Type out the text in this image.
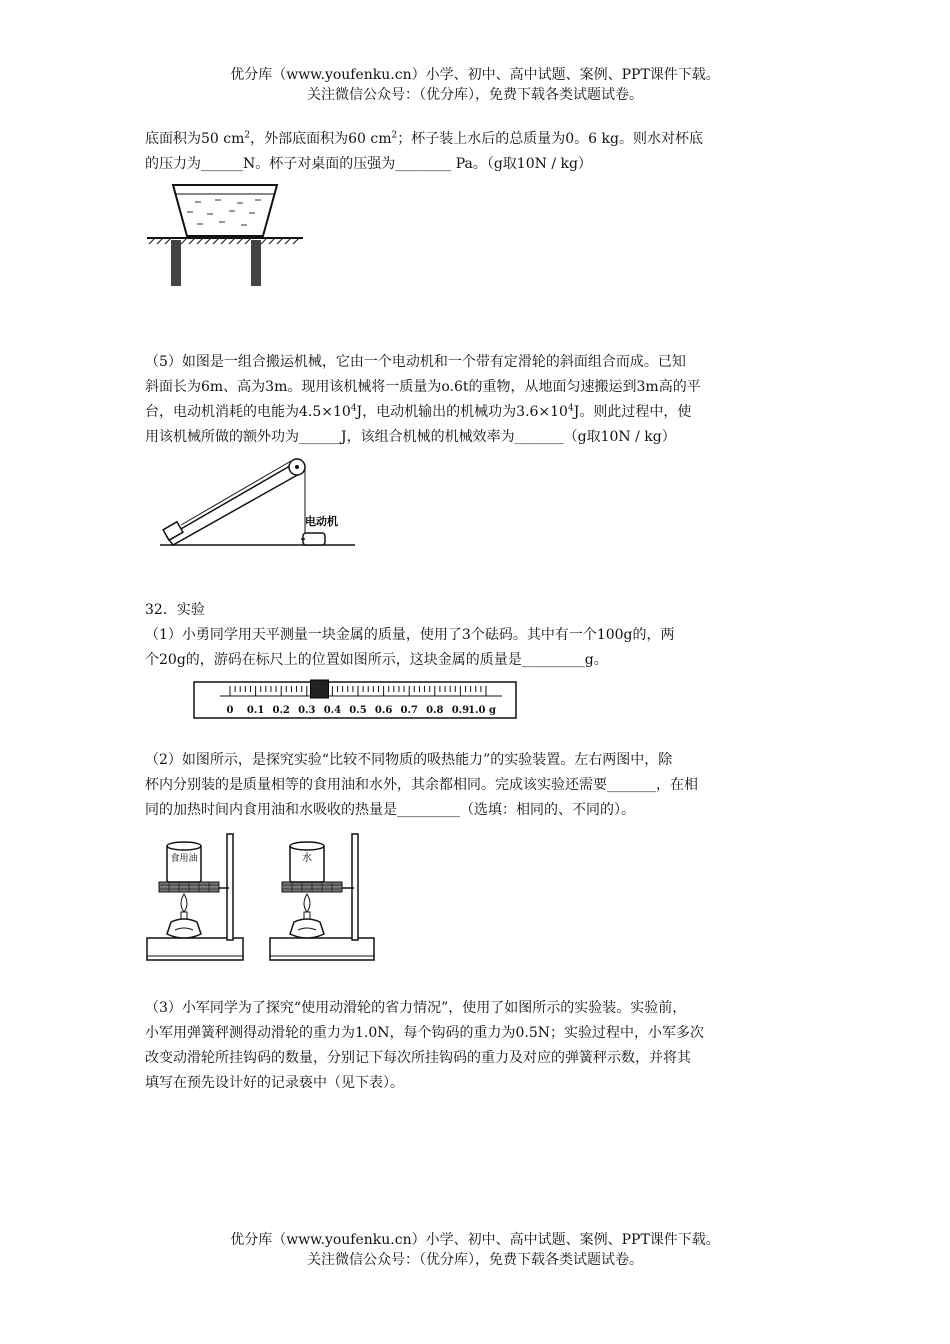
优分库（www.youfenku.cn）小学、初中、高中试题、案例、PPT课件下载。
关注微信公众号：（优分库），免费下载各类试题试卷。
底面积为50 $cm^2$，外部底面积为60 $cm^2$；杯子装上水后的总质量为0。6 kg。则水对杯底
的压力为______N。杯子对桌面的压强为________ Pa。（g取10N / kg）
（5）如图是一组合搬运机械，它由一个电动机和一个带有定滑轮的斜面组合而成。已知
斜面长为6m、高为3m。现用该机械将一质量为o.6t的重物，从地面匀速搬运到3m高的平
台，电动机消耗的电能为$4.5\times 10^4J$，电动机输出的机械功为$3.6\times 10^4J$。则此过程中，使
用该机械所做的额外功为______J，该组合机械的机械效率为_______（g取10N / kg）
电动机
32．实验
（1）小勇同学用天平测量一块金属的质量，使用了3个砝码。其中有一个100g的，两
个20g的，游码在标尺上的位置如图所示，这块金属的质量是_________g。
0 0.1 0.2 0.3 0.4 0.5 0.6 0.7 0.8 0.9
1.0 g
（2）如图所示，是探究实验“比较不同物质的吸热能力”的实验装置。左右两图中，除
杯内分别装的是质量相等的食用油和水外，其余都相同。完成该实验还需要_______，在相
同的加热时间内食用油和水吸收的热量是_________（选填：相同的、不同的）。
食用油	水
（3）小军同学为了探究“使用动滑轮的省力情况”，使用了如图所示的实验装。实验前，
小军用弹簧秤测得动滑轮的重力为1.0N，每个钩码的重力为0.5N；实验过程中，小军多次
改变动滑轮所挂钩码的数量，分别记下每次所挂钩码的重力及对应的弹簧秤示数，并将其
填写在预先设计好的记录亵中（见下表）。
优分库（www.youfenku.cn）小学、初中、高中试题、案例、PPT课件下载。
关注微信公众号：（优分库），免费下载各类试题试卷。
